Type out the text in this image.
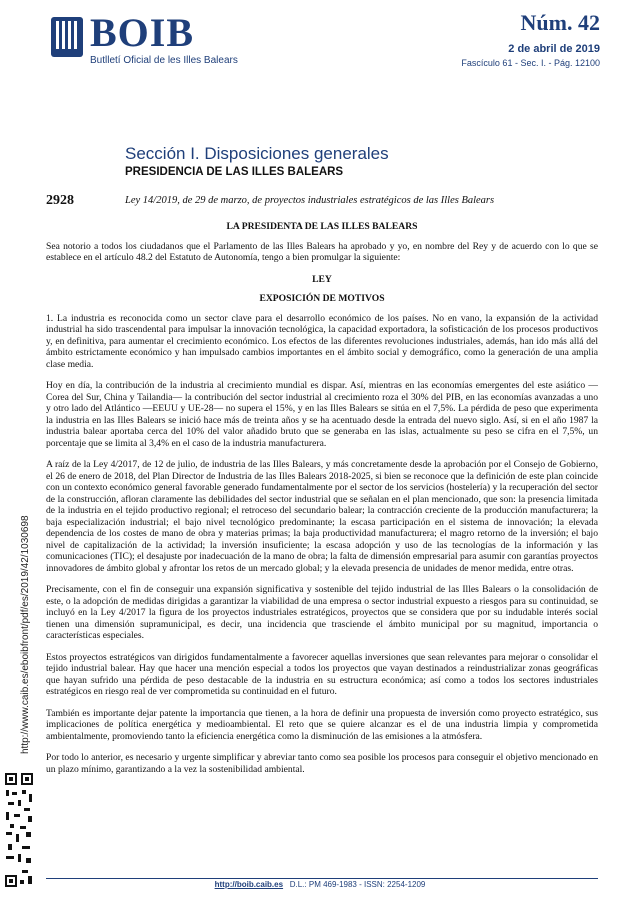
BOIB
Butlletí Oficial de les Illes Balears
Núm. 42
2 de abril de 2019
Fascículo 61 - Sec. I. - Pág. 12100
Sección I. Disposiciones generales
PRESIDENCIA DE LAS ILLES BALEARS
2928	Ley 14/2019, de 29 de marzo, de proyectos industriales estratégicos de las Illes Balears
LA PRESIDENTA DE LAS ILLES BALEARS

Sea notorio a todos los ciudadanos que el Parlamento de las Illes Balears ha aprobado y yo, en nombre del Rey y de acuerdo con lo que se establece en el artículo 48.2 del Estatuto de Autonomía, tengo a bien promulgar la siguiente:

LEY
EXPOSICIÓN DE MOTIVOS

1. La industria es reconocida como un sector clave para el desarrollo económico de los países. No en vano, la expansión de la actividad industrial ha sido trascendental para impulsar la innovación tecnológica, la capacidad exportadora, la sofisticación de los procesos productivos y, en definitiva, para aumentar el crecimiento económico. Los efectos de las diferentes revoluciones industriales, además, han ido más allá del ámbito estrictamente económico y han impulsado cambios importantes en el ámbito social y demográfico, como la generación de una amplia clase media.

Hoy en día, la contribución de la industria al crecimiento mundial es dispar. Así, mientras en las economías emergentes del este asiático —Corea del Sur, China y Tailandia— la contribución del sector industrial al crecimiento roza el 30% del PIB, en las economías avanzadas a uno y otro lado del Atlántico —EEUU y UE-28— no supera el 15%, y en las Illes Balears se sitúa en el 7,5%. La pérdida de peso que experimenta la industria en las Illes Balears se inició hace más de treinta años y se ha acentuado desde la entrada del nuevo siglo. Así, si en el año 1987 la industria balear aportaba cerca del 10% del valor añadido bruto que se generaba en las islas, actualmente su peso se cifra en el 7,5%, un porcentaje que se limita al 3,4% en el caso de la industria manufacturera.

A raíz de la Ley 4/2017, de 12 de julio, de industria de las Illes Balears, y más concretamente desde la aprobación por el Consejo de Gobierno, el 26 de enero de 2018, del Plan Director de Industria de las Illes Balears 2018-2025, si bien se reconoce que la definición de este plan coincide con un contexto económico general favorable generado fundamentalmente por el sector de los servicios (hostelería) y la recuperación del sector de la construcción, afloran claramente las debilidades del sector industrial que se señalan en el plan mencionado, que son: la presencia limitada de la industria en el tejido productivo regional; el retroceso del secundario balear; la contracción creciente de la producción manufacturera; la baja especialización industrial; el bajo nivel tecnológico predominante; la escasa participación en el sistema de innovación; la elevada dependencia de los costes de mano de obra y materias primas; la baja productividad manufacturera; el magro retorno de la inversión; el bajo nivel de capitalización de la actividad; la inversión insuficiente; la escasa adopción y uso de las tecnologías de la información y las comunicaciones (TIC); el desajuste por inadecuación de la mano de obra; la falta de dimensión empresarial para asumir con garantías proyectos innovadores de ámbito global y afrontar los retos de un mercado global; y la elevada presencia de unidades de menor medida, entre otras.

Precisamente, con el fin de conseguir una expansión significativa y sostenible del tejido industrial de las Illes Balears o la consolidación de este, o la adopción de medidas dirigidas a garantizar la viabilidad de una empresa o sector industrial expuesto a riesgos para su continuidad, se incluyó en la Ley 4/2017 la figura de los proyectos industriales estratégicos, proyectos que se considera que por su indudable interés social tienen una dimensión supramunicipal, es decir, una incidencia que trasciende el ámbito municipal por su magnitud, importancia o características especiales.

Estos proyectos estratégicos van dirigidos fundamentalmente a favorecer aquellas inversiones que sean relevantes para mejorar o consolidar el tejido industrial balear. Hay que hacer una mención especial a todos los proyectos que vayan destinados a reindustrializar zonas geográficas que hayan sufrido una pérdida de peso destacable de la industria en su estructura económica; así como a todos los sectores industriales estratégicos en riesgo real de ver comprometida su continuidad en el futuro.

También es importante dejar patente la importancia que tienen, a la hora de definir una propuesta de inversión como proyecto estratégico, sus implicaciones de política energética y medioambiental. El reto que se quiere alcanzar es el de una industria limpia y comprometida ambientalmente, promoviendo tanto la eficiencia energética como la disminución de las emisiones a la atmósfera.

Por todo lo anterior, es necesario y urgente simplificar y abreviar tanto como sea posible los procesos para conseguir el objetivo mencionado en un plazo mínimo, garantizando a la vez la sostenibilidad ambiental.

http://www.caib.es/eboibfront/pdf/es/2019/42/1030698
http://boib.caib.es D.L.: PM 469-1983 - ISSN: 2254-1209
